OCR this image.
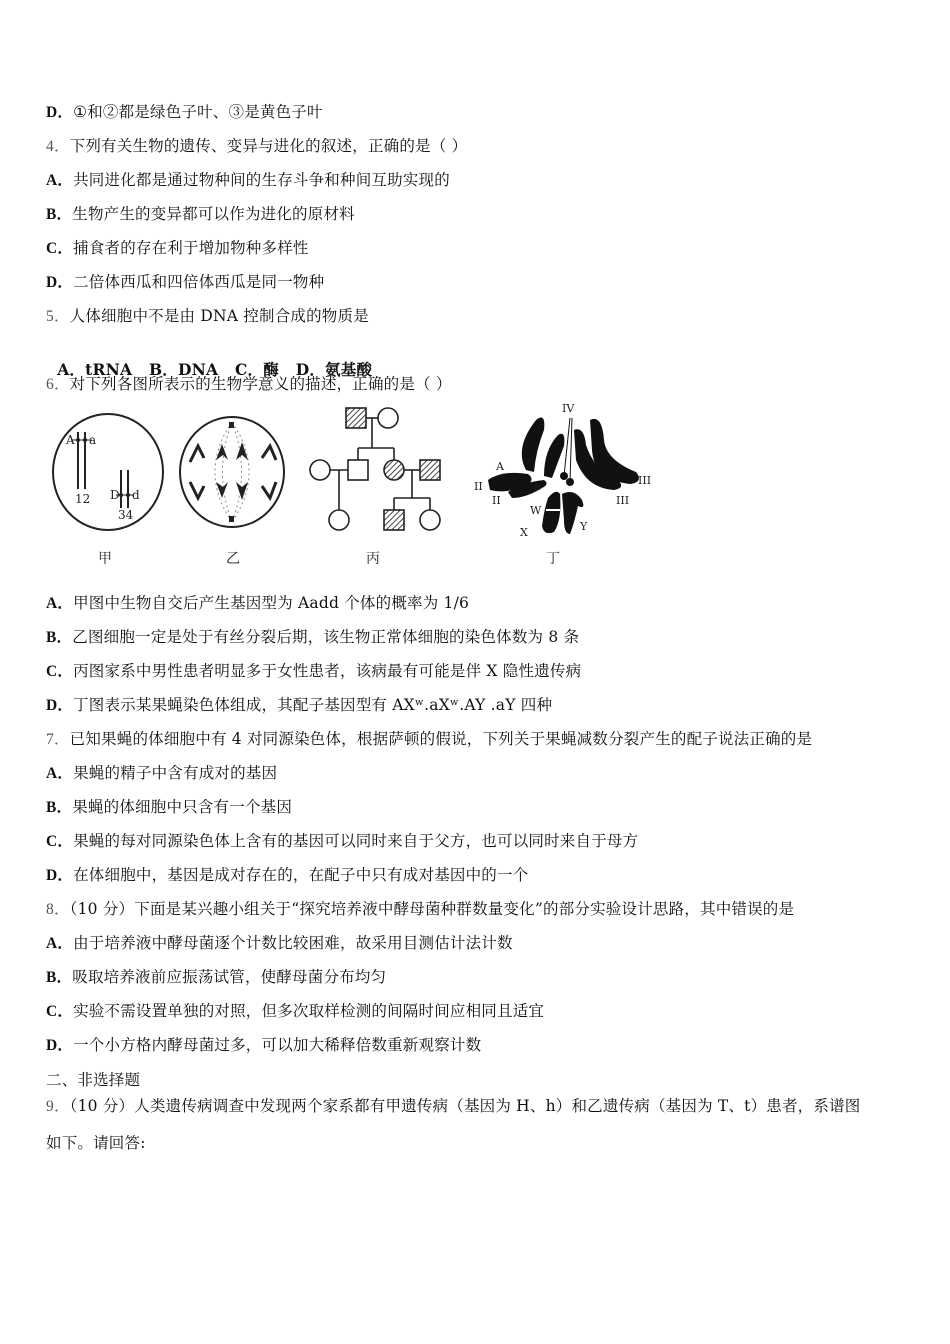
D．①和②都是绿色子叶、③是黄色子叶
4．下列有关生物的遗传、变异与进化的叙述，正确的是（ ）
A．共同进化都是通过物种间的生存斗争和种间互助实现的
B．生物产生的变异都可以作为进化的原材料
C．捕食者的存在利于增加物种多样性
D．二倍体西瓜和四倍体西瓜是同一物种
5．人体细胞中不是由 DNA 控制合成的物质是

A．tRNA   B．DNA   C．酶   D．氨基酸

6．对下列各图所表示的生物学意义的描述，正确的是（ ）
A a
12 D d
34
甲	乙	丙
IV
II
II
III
III
A
a
W
X	Y
丁
A．甲图中生物自交后产生基因型为 Aadd 个体的概率为 1/6
B．乙图细胞一定是处于有丝分裂后期，该生物正常体细胞的染色体数为 8 条
C．丙图家系中男性患者明显多于女性患者，该病最有可能是伴 X 隐性遗传病
D．丁图表示某果蝇染色体组成，其配子基因型有 AXʷ.aXʷ.AY .aY 四种
7．已知果蝇的体细胞中有 4 对同源染色体，根据萨顿的假说，下列关于果蝇减数分裂产生的配子说法正确的是
A．果蝇的精子中含有成对的基因
B．果蝇的体细胞中只含有一个基因
C．果蝇的每对同源染色体上含有的基因可以同时来自于父方，也可以同时来自于母方
D．在体细胞中，基因是成对存在的，在配子中只有成对基因中的一个
8．（10 分）下面是某兴趣小组关于“探究培养液中酵母菌种群数量变化”的部分实验设计思路，其中错误的是
A．由于培养液中酵母菌逐个计数比较困难，故采用目测估计法计数
B．吸取培养液前应振荡试管，使酵母菌分布均匀
C．实验不需设置单独的对照，但多次取样检测的间隔时间应相同且适宜
D．一个小方格内酵母菌过多，可以加大稀释倍数重新观察计数
二、非选择题
9．（10 分）人类遗传病调查中发现两个家系都有甲遗传病（基因为 H、h）和乙遗传病（基因为 T、t）患者，系谱图
如下。请回答:
